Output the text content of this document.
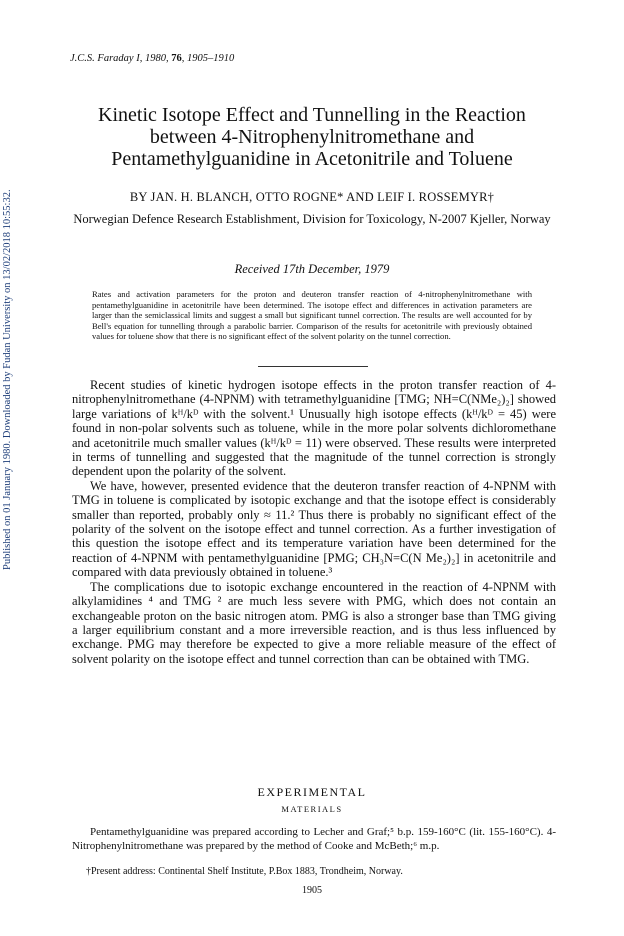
Published on 01 January 1980. Downloaded by Fudan University on 13/02/2018 10:55:32.
J.C.S. Faraday I, 1980, 76, 1905–1910
Kinetic Isotope Effect and Tunnelling in the Reaction
between 4-Nitrophenylnitromethane and
Pentamethylguanidine in Acetonitrile and Toluene
BY JAN. H. BLANCH, OTTO ROGNE* AND LEIF I. ROSSEMYR†
Norwegian Defence Research Establishment, Division for Toxicology, N-2007 Kjeller, Norway
Received 17th December, 1979
Rates and activation parameters for the proton and deuteron transfer reaction of 4-nitrophenylnitromethane with pentamethylguanidine in acetonitrile have been determined. The isotope effect and differences in activation parameters are larger than the semiclassical limits and suggest a small but significant tunnel correction. The results are well accounted for by Bell's equation for tunnelling through a parabolic barrier. Comparison of the results for acetonitrile with previously obtained values for toluene show that there is no significant effect of the solvent polarity on the tunnel correction.

Recent studies of kinetic hydrogen isotope effects in the proton transfer reaction of 4-nitrophenylnitromethane (4-NPNM) with tetramethylguanidine [TMG; NH=C(NMe₂)₂] showed large variations of kᴴ/kᴰ with the solvent.¹ Unusually high isotope effects (kᴴ/kᴰ = 45) were found in non-polar solvents such as toluene, while in the more polar solvents dichloromethane and acetonitrile much smaller values (kᴴ/kᴰ = 11) were observed. These results were interpreted in terms of tunnelling and suggested that the magnitude of the tunnel correction is strongly dependent upon the polarity of the solvent.

We have, however, presented evidence that the deuteron transfer reaction of 4-NPNM with TMG in toluene is complicated by isotopic exchange and that the isotope effect is considerably smaller than reported, probably only ≈ 11.² Thus there is probably no significant effect of the polarity of the solvent on the isotope effect and tunnel correction. As a further investigation of this question the isotope effect and its temperature variation have been determined for the reaction of 4-NPNM with pentamethylguanidine [PMG; CH₃N=C(N Me₂)₂] in acetonitrile and compared with data previously obtained in toluene.³

The complications due to isotopic exchange encountered in the reaction of 4-NPNM with alkylamidines ⁴ and TMG ² are much less severe with PMG, which does not contain an exchangeable proton on the basic nitrogen atom. PMG is also a stronger base than TMG giving a larger equilibrium constant and a more irreversible reaction, and is thus less influenced by exchange. PMG may therefore be expected to give a more reliable measure of the effect of solvent polarity on the isotope effect and tunnel correction than can be obtained with TMG.

EXPERIMENTAL
MATERIALS

Pentamethylguanidine was prepared according to Lecher and Graf;⁵ b.p. 159-160°C (lit. 155-160°C). 4-Nitrophenylnitromethane was prepared by the method of Cooke and McBeth;⁶ m.p.

†Present address: Continental Shelf Institute, P.Box 1883, Trondheim, Norway.
1905
